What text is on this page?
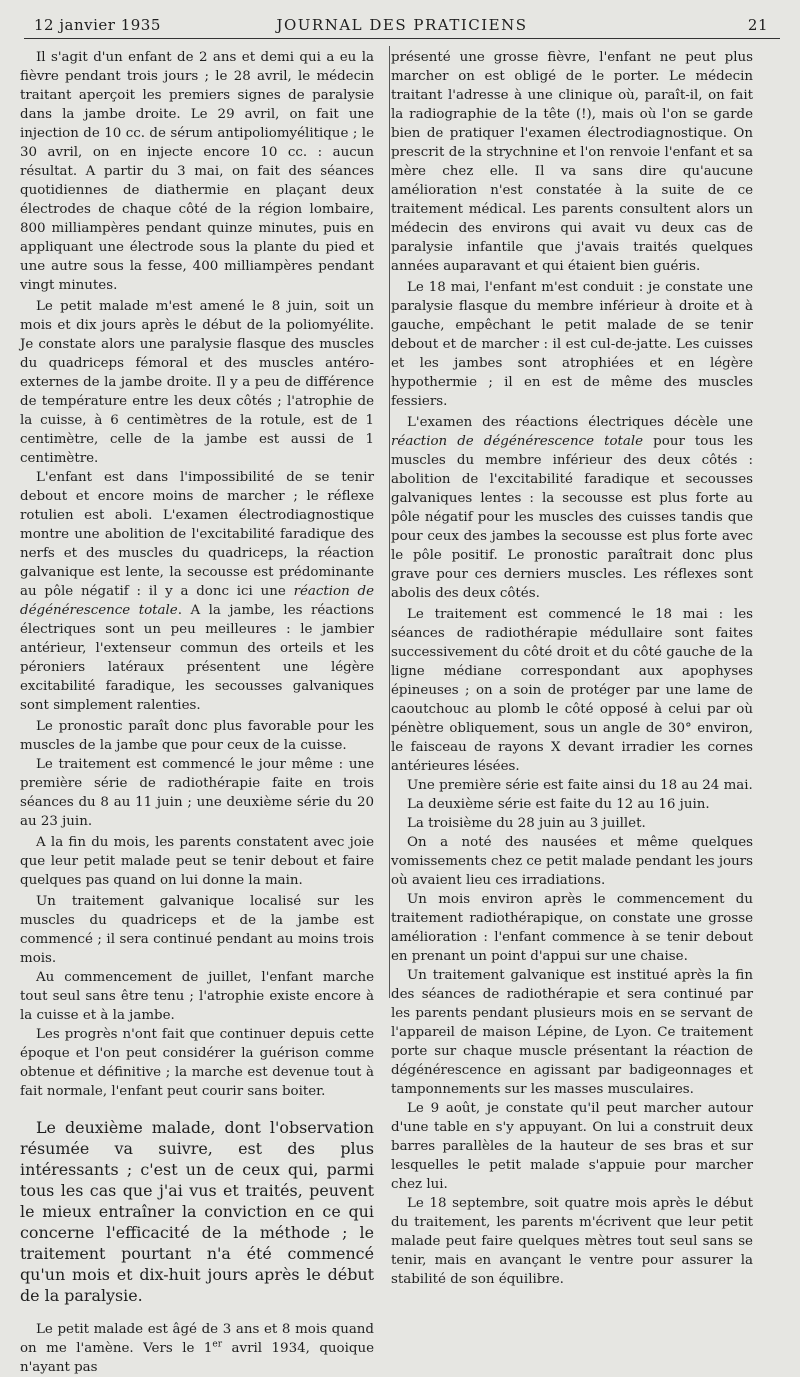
12 janvier 1935	JOURNAL DES PRATICIENS	21

Il s'agit d'un enfant de 2 ans et demi qui a eu la fièvre pendant trois jours ; le 28 avril, le médecin traitant aperçoit les premiers signes de paralysie dans la jambe droite. Le 29 avril, on fait une injection de 10 cc. de sérum antipoliomyélitique ; le 30 avril, on en injecte encore 10 cc. : aucun résultat. A partir du 3 mai, on fait des séances quotidiennes de diathermie en plaçant deux électrodes de chaque côté de la région lombaire, 800 milliampères pendant quinze minutes, puis en appliquant une électrode sous la plante du pied et une autre sous la fesse, 400 milliampères pendant vingt minutes.

Le petit malade m'est amené le 8 juin, soit un mois et dix jours après le début de la poliomyélite. Je constate alors une paralysie flasque des muscles du quadriceps fémoral et des muscles antéro-externes de la jambe droite. Il y a peu de différence de température entre les deux côtés ; l'atrophie de la cuisse, à 6 centimètres de la rotule, est de 1 centimètre, celle de la jambe est aussi de 1 centimètre.

L'enfant est dans l'impossibilité de se tenir debout et encore moins de marcher ; le réflexe rotulien est aboli. L'examen électrodiagnostique montre une abolition de l'excitabilité faradique des nerfs et des muscles du quadriceps, la réaction galvanique est lente, la secousse est prédominante au pôle négatif : il y a donc ici une réaction de dégénérescence totale. A la jambe, les réactions électriques sont un peu meilleures : le jambier antérieur, l'extenseur commun des orteils et les péroniers latéraux présentent une légère excitabilité faradique, les secousses galvaniques sont simplement ralenties.

Le pronostic paraît donc plus favorable pour les muscles de la jambe que pour ceux de la cuisse.

Le traitement est commencé le jour même : une première série de radiothérapie faite en trois séances du 8 au 11 juin ; une deuxième série du 20 au 23 juin.

A la fin du mois, les parents constatent avec joie que leur petit malade peut se tenir debout et faire quelques pas quand on lui donne la main.

Un traitement galvanique localisé sur les muscles du quadriceps et de la jambe est commencé ; il sera continué pendant au moins trois mois.

Au commencement de juillet, l'enfant marche tout seul sans être tenu ; l'atrophie existe encore à la cuisse et à la jambe.

Les progrès n'ont fait que continuer depuis cette époque et l'on peut considérer la guérison comme obtenue et définitive ; la marche est devenue tout à fait normale, l'enfant peut courir sans boiter.

Le deuxième malade, dont l'observation résumée va suivre, est des plus intéressants ; c'est un de ceux qui, parmi tous les cas que j'ai vus et traités, peuvent le mieux entraîner la conviction en ce qui concerne l'efficacité de la méthode ; le traitement pourtant n'a été commencé qu'un mois et dix-huit jours après le début de la paralysie.

Le petit malade est âgé de 3 ans et 8 mois quand on me l'amène. Vers le 1er avril 1934, quoique n'ayant pas

présenté une grosse fièvre, l'enfant ne peut plus marcher on est obligé de le porter. Le médecin traitant l'adresse à une clinique où, paraît-il, on fait la radiographie de la tête (!), mais où l'on se garde bien de pratiquer l'examen électrodiagnostique. On prescrit de la strychnine et l'on renvoie l'enfant et sa mère chez elle. Il va sans dire qu'aucune amélioration n'est constatée à la suite de ce traitement médical. Les parents consultent alors un médecin des environs qui avait vu deux cas de paralysie infantile que j'avais traités quelques années auparavant et qui étaient bien guéris.

Le 18 mai, l'enfant m'est conduit : je constate une paralysie flasque du membre inférieur à droite et à gauche, empêchant le petit malade de se tenir debout et de marcher : il est cul-de-jatte. Les cuisses et les jambes sont atrophiées et en légère hypothermie ; il en est de même des muscles fessiers.

L'examen des réactions électriques décèle une réaction de dégénérescence totale pour tous les muscles du membre inférieur des deux côtés : abolition de l'excitabilité faradique et secousses galvaniques lentes : la secousse est plus forte au pôle négatif pour les muscles des cuisses tandis que pour ceux des jambes la secousse est plus forte avec le pôle positif. Le pronostic paraîtrait donc plus grave pour ces derniers muscles. Les réflexes sont abolis des deux côtés.

Le traitement est commencé le 18 mai : les séances de radiothérapie médullaire sont faites successivement du côté droit et du côté gauche de la ligne médiane correspondant aux apophyses épineuses ; on a soin de protéger par une lame de caoutchouc au plomb le côté opposé à celui par où pénètre obliquement, sous un angle de 30° environ, le faisceau de rayons X devant irradier les cornes antérieures lésées.

Une première série est faite ainsi du 18 au 24 mai.

La deuxième série est faite du 12 au 16 juin.

La troisième du 28 juin au 3 juillet.

On a noté des nausées et même quelques vomissements chez ce petit malade pendant les jours où avaient lieu ces irradiations.

Un mois environ après le commencement du traitement radiothérapique, on constate une grosse amélioration : l'enfant commence à se tenir debout en prenant un point d'appui sur une chaise.

Un traitement galvanique est institué après la fin des séances de radiothérapie et sera continué par les parents pendant plusieurs mois en se servant de l'appareil de maison Lépine, de Lyon. Ce traitement porte sur chaque muscle présentant la réaction de dégénérescence en agissant par badigeonnages et tamponnements sur les masses musculaires.

Le 9 août, je constate qu'il peut marcher autour d'une table en s'y appuyant. On lui a construit deux barres parallèles de la hauteur de ses bras et sur lesquelles le petit malade s'appuie pour marcher chez lui.

Le 18 septembre, soit quatre mois après le début du traitement, les parents m'écrivent que leur petit malade peut faire quelques mètres tout seul sans se tenir, mais en avançant le ventre pour assurer la stabilité de son équilibre.
